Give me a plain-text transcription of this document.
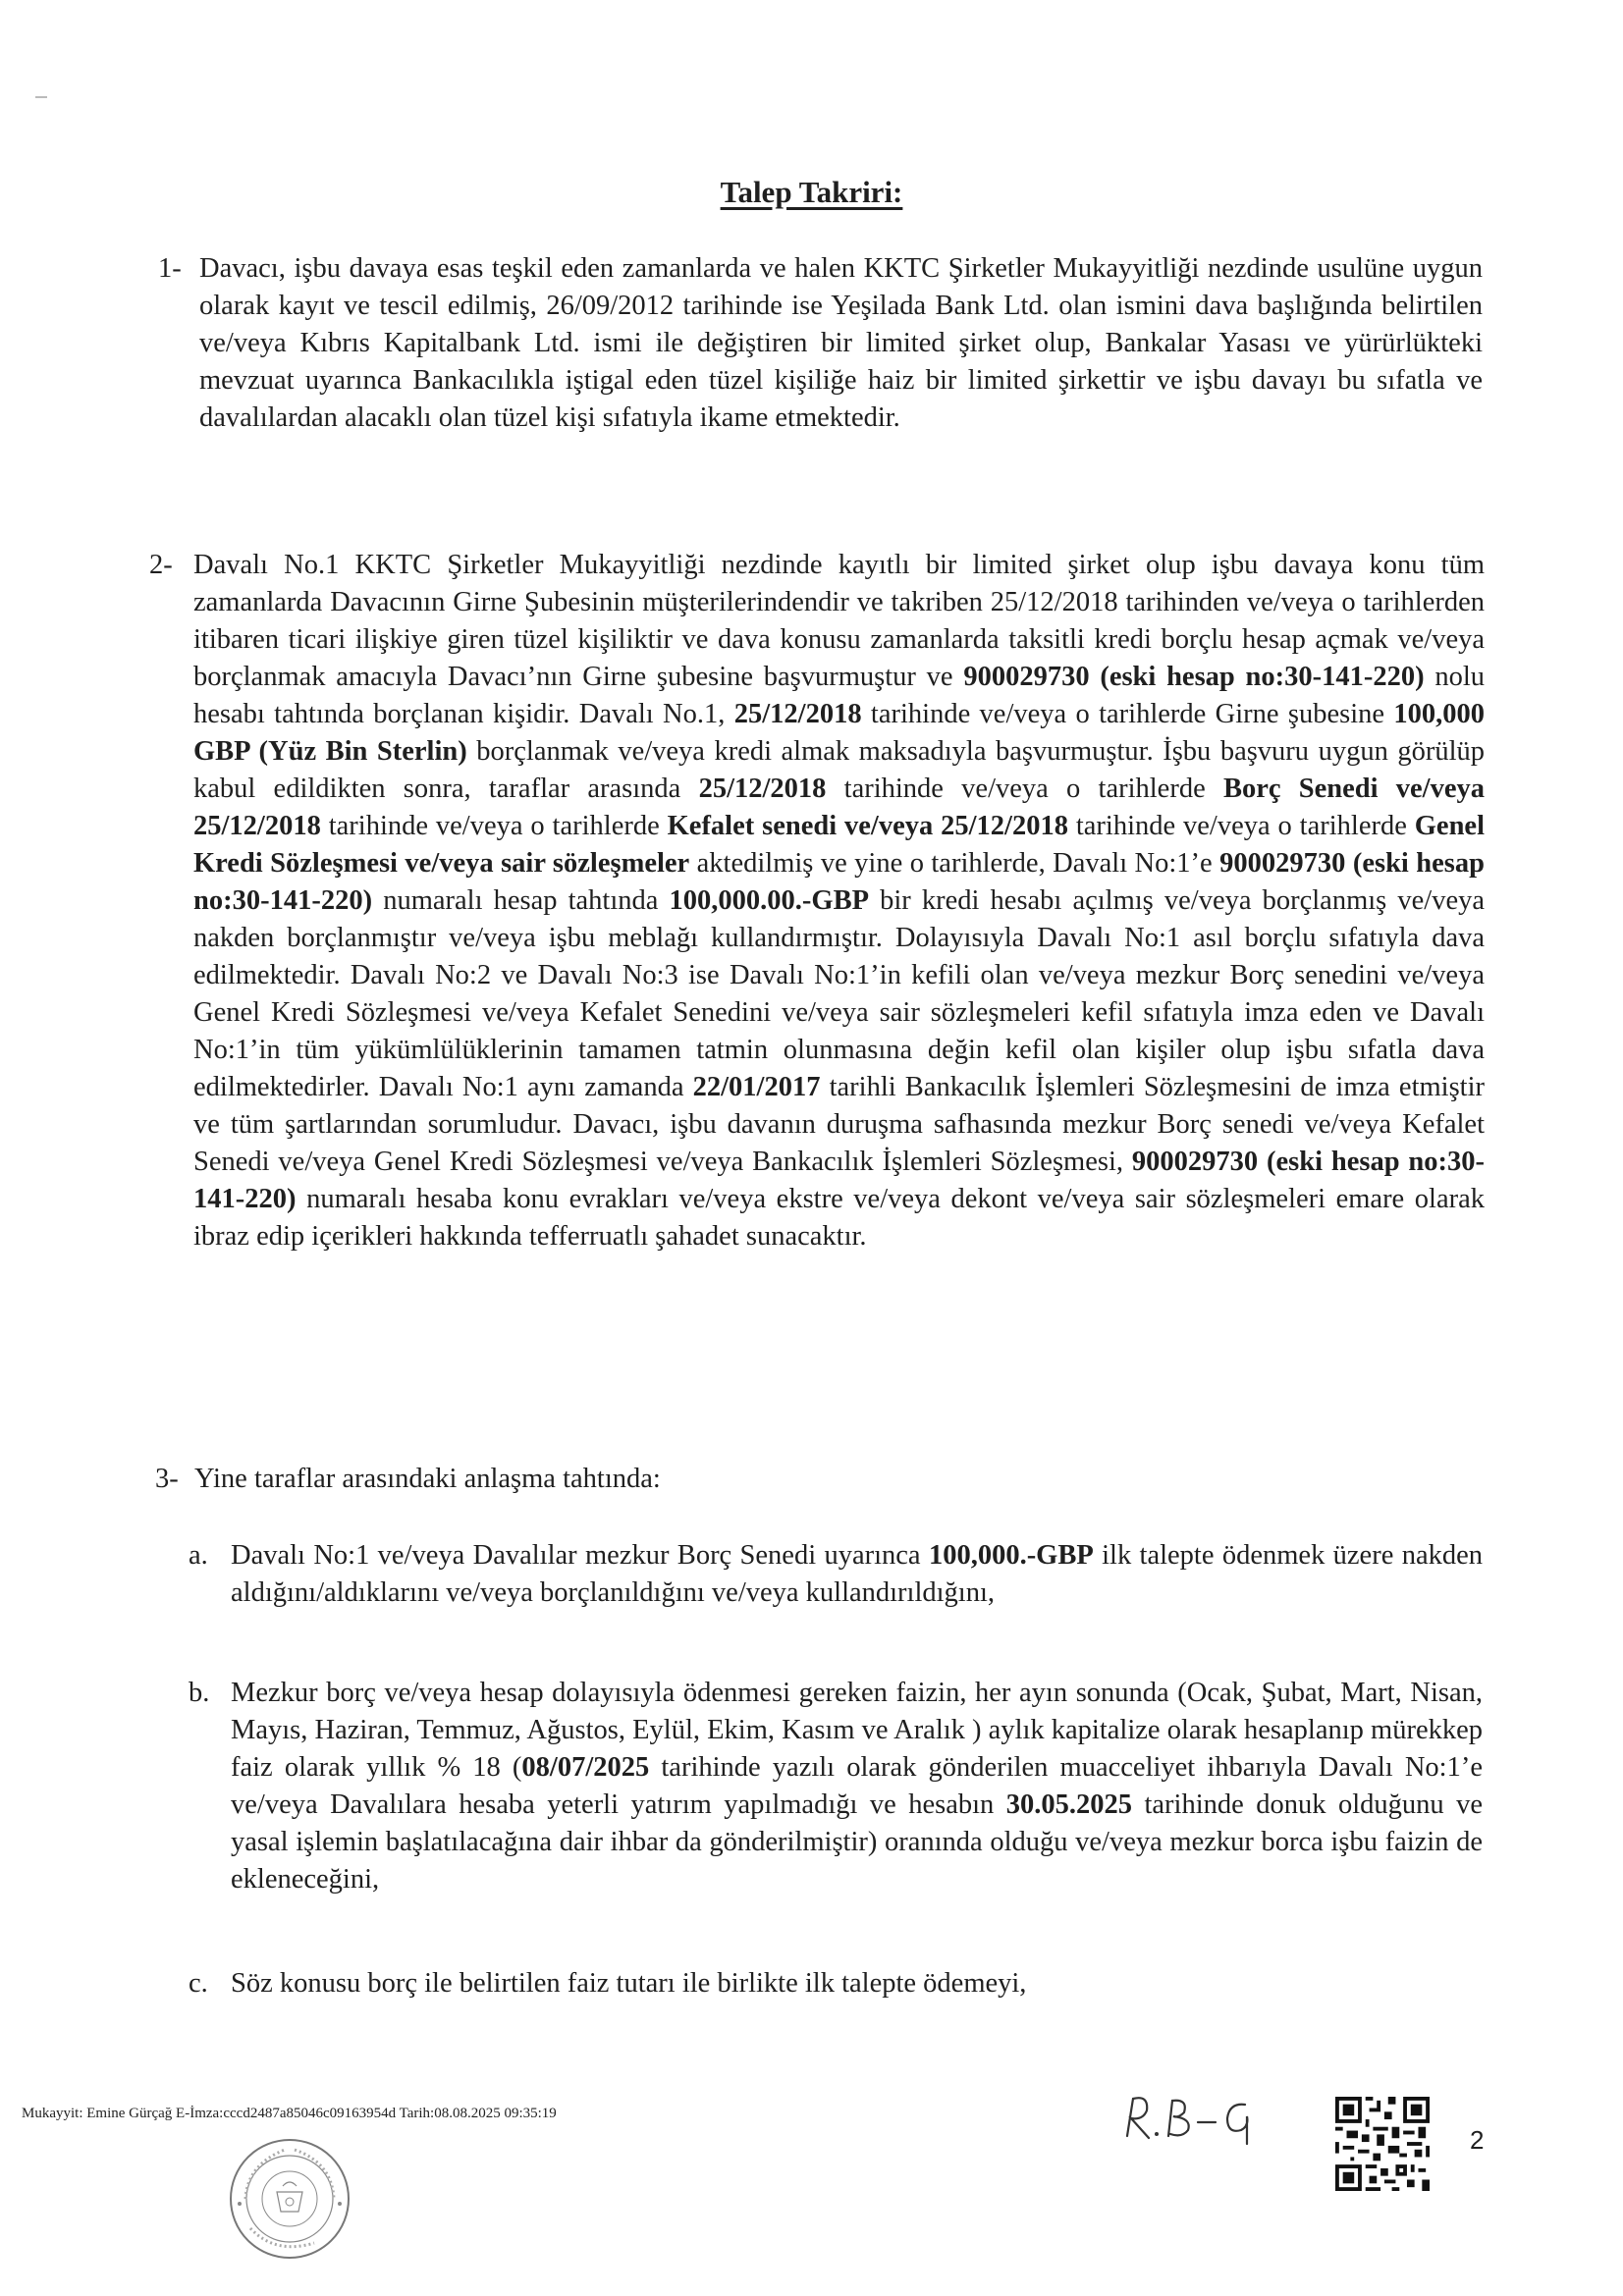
Talep Takriri:
1- Davacı, işbu davaya esas teşkil eden zamanlarda ve halen KKTC Şirketler Mukayyitliği nezdinde usulüne uygun olarak kayıt ve tescil edilmiş, 26/09/2012 tarihinde ise Yeşilada Bank Ltd. olan ismini dava başlığında belirtilen ve/veya Kıbrıs Kapitalbank Ltd. ismi ile değiştiren bir limited şirket olup, Bankalar Yasası ve yürürlükteki mevzuat uyarınca Bankacılıkla iştigal eden tüzel kişiliğe haiz bir limited şirkettir ve işbu davayı bu sıfatla ve davalılardan alacaklı olan tüzel kişi sıfatıyla ikame etmektedir.
2- Davalı No.1 KKTC Şirketler Mukayyitliği nezdinde kayıtlı bir limited şirket olup işbu davaya konu tüm zamanlarda Davacının Girne Şubesinin müşterilerindendir ve takriben 25/12/2018 tarihinden ve/veya o tarihlerden itibaren ticari ilişkiye giren tüzel kişiliktir ve dava konusu zamanlarda taksitli kredi borçlu hesap açmak ve/veya borçlanmak amacıyla Davacı’nın Girne şubesine başvurmuştur ve 900029730 (eski hesap no:30-141-220) nolu hesabı tahtında borçlanan kişidir. Davalı No.1, 25/12/2018 tarihinde ve/veya o tarihlerde Girne şubesine 100,000 GBP (Yüz Bin Sterlin) borçlanmak ve/veya kredi almak maksadıyla başvurmuştur. İşbu başvuru uygun görülüp kabul edildikten sonra, taraflar arasında 25/12/2018 tarihinde ve/veya o tarihlerde Borç Senedi ve/veya 25/12/2018 tarihinde ve/veya o tarihlerde Kefalet senedi ve/veya 25/12/2018 tarihinde ve/veya o tarihlerde Genel Kredi Sözleşmesi ve/veya sair sözleşmeler aktedilmiş ve yine o tarihlerde, Davalı No:1’e 900029730 (eski hesap no:30-141-220) numaralı hesap tahtında 100,000.00.-GBP bir kredi hesabı açılmış ve/veya borçlanmış ve/veya nakden borçlanmıştır ve/veya işbu meblağı kullandırmıştır. Dolayısıyla Davalı No:1 asıl borçlu sıfatıyla dava edilmektedir. Davalı No:2 ve Davalı No:3 ise Davalı No:1’in kefili olan ve/veya mezkur Borç senedini ve/veya Genel Kredi Sözleşmesi ve/veya Kefalet Senedini ve/veya sair sözleşmeleri kefil sıfatıyla imza eden ve Davalı No:1’in tüm yükümlülüklerinin tamamen tatmin olunmasına değin kefil olan kişiler olup işbu sıfatla dava edilmektedirler. Davalı No:1 aynı zamanda 22/01/2017 tarihli Bankacılık İşlemleri Sözleşmesini de imza etmiştir ve tüm şartlarından sorumludur. Davacı, işbu davanın duruşma safhasında mezkur Borç senedi ve/veya Kefalet Senedi ve/veya Genel Kredi Sözleşmesi ve/veya Bankacılık İşlemleri Sözleşmesi, 900029730 (eski hesap no:30-141-220) numaralı hesaba konu evrakları ve/veya ekstre ve/veya dekont ve/veya sair sözleşmeleri emare olarak ibraz edip içerikleri hakkında tefferruatlı şahadet sunacaktır.
3- Yine taraflar arasındaki anlaşma tahtında:
a. Davalı No:1 ve/veya Davalılar mezkur Borç Senedi uyarınca 100,000.-GBP ilk talepte ödenmek üzere nakden aldığını/aldıklarını ve/veya borçlanıldığını ve/veya kullandırıldığını,
b. Mezkur borç ve/veya hesap dolayısıyla ödenmesi gereken faizin, her ayın sonunda (Ocak, Şubat, Mart, Nisan, Mayıs, Haziran, Temmuz, Ağustos, Eylül, Ekim, Kasım ve Aralık ) aylık kapitalize olarak hesaplanıp mürekkep faiz olarak yıllık % 18 (08/07/2025 tarihinde yazılı olarak gönderilen muacceliyet ihbarıyla Davalı No:1’e ve/veya Davalılara hesaba yeterli yatırım yapılmadığı ve hesabın 30.05.2025 tarihinde donuk olduğunu ve yasal işlemin başlatılacağına dair ihbar da gönderilmiştir) oranında olduğu ve/veya mezkur borca işbu faizin de ekleneceğini,
c. Söz konusu borç ile belirtilen faiz tutarı ile birlikte ilk talepte ödemeyi,
Mukayyit: Emine Gürçağ E-İmza:cccd2487a85046c09163954d Tarih:08.08.2025 09:35:19
2
